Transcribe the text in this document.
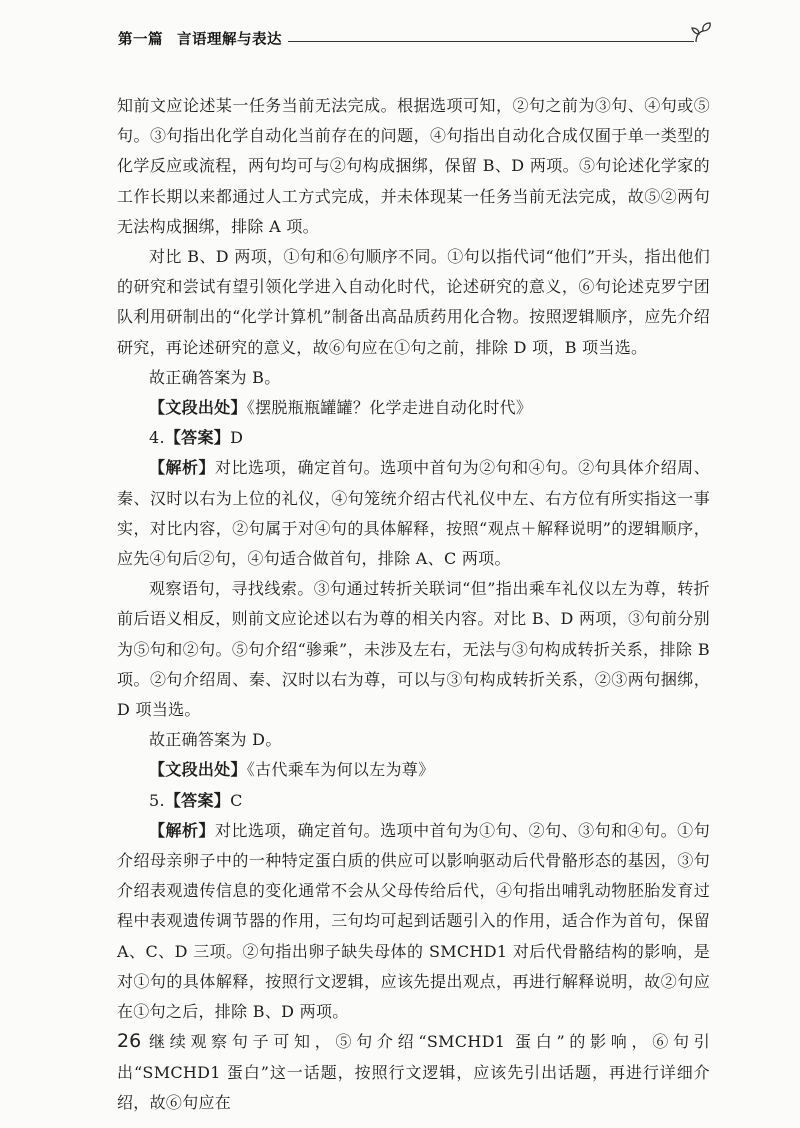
第一篇 言语理解与表达

知前文应论述某一任务当前无法完成。根据选项可知，②句之前为③句、④句或⑤句。③句指出化学自动化当前存在的问题，④句指出自动化合成仅囿于单一类型的化学反应或流程，两句均可与②句构成捆绑，保留 B、D 两项。⑤句论述化学家的工作长期以来都通过人工方式完成，并未体现某一任务当前无法完成，故⑤②两句无法构成捆绑，排除 A 项。

对比 B、D 两项，①句和⑥句顺序不同。①句以指代词“他们”开头，指出他们的研究和尝试有望引领化学进入自动化时代，论述研究的意义，⑥句论述克罗宁团队利用研制出的“化学计算机”制备出高品质药用化合物。按照逻辑顺序，应先介绍研究，再论述研究的意义，故⑥句应在①句之前，排除 D 项，B 项当选。

故正确答案为 B。

【文段出处】《摆脱瓶瓶罐罐？化学走进自动化时代》

4.【答案】D

【解析】对比选项，确定首句。选项中首句为②句和④句。②句具体介绍周、秦、汉时以右为上位的礼仪，④句笼统介绍古代礼仪中左、右方位有所实指这一事实，对比内容，②句属于对④句的具体解释，按照“观点＋解释说明”的逻辑顺序，应先④句后②句，④句适合做首句，排除 A、C 两项。

观察语句，寻找线索。③句通过转折关联词“但”指出乘车礼仪以左为尊，转折前后语义相反，则前文应论述以右为尊的相关内容。对比 B、D 两项，③句前分别为⑤句和②句。⑤句介绍“骖乘”，未涉及左右，无法与③句构成转折关系，排除 B 项。②句介绍周、秦、汉时以右为尊，可以与③句构成转折关系，②③两句捆绑，D 项当选。

故正确答案为 D。

【文段出处】《古代乘车为何以左为尊》

5.【答案】C

【解析】对比选项，确定首句。选项中首句为①句、②句、③句和④句。①句介绍母亲卵子中的一种特定蛋白质的供应可以影响驱动后代骨骼形态的基因，③句介绍表观遗传信息的变化通常不会从父母传给后代，④句指出哺乳动物胚胎发育过程中表观遗传调节器的作用，三句均可起到话题引入的作用，适合作为首句，保留 A、C、D 三项。②句指出卵子缺失母体的 SMCHD1 对后代骨骼结构的影响，是对①句的具体解释，按照行文逻辑，应该先提出观点，再进行解释说明，故②句应在①句之后，排除 B、D 两项。

继续观察句子可知，⑤句介绍“SMCHD1 蛋白”的影响，⑥句引出“SMCHD1 蛋白”这一话题，按照行文逻辑，应该先引出话题，再进行详细介绍，故⑥句应在

26
